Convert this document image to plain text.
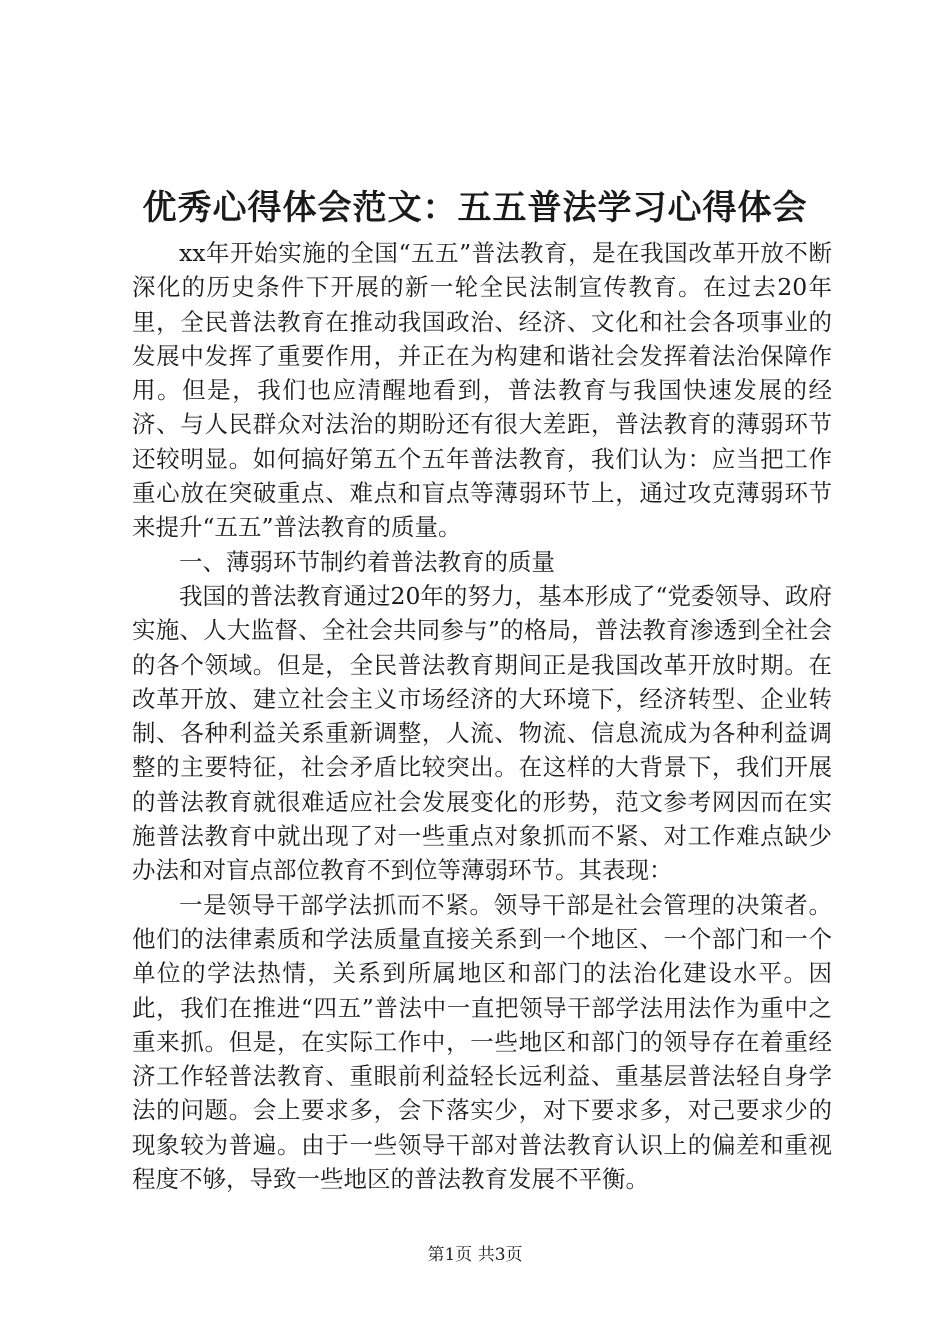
优秀心得体会范文：五五普法学习心得体会

xx年开始实施的全国“五五”普法教育，是在我国改革开放不断深化的历史条件下开展的新一轮全民法制宣传教育。在过去20年里，全民普法教育在推动我国政治、经济、文化和社会各项事业的发展中发挥了重要作用，并正在为构建和谐社会发挥着法治保障作用。但是，我们也应清醒地看到，普法教育与我国快速发展的经济、与人民群众对法治的期盼还有很大差距，普法教育的薄弱环节还较明显。如何搞好第五个五年普法教育，我们认为：应当把工作重心放在突破重点、难点和盲点等薄弱环节上，通过攻克薄弱环节来提升“五五”普法教育的质量。

一、薄弱环节制约着普法教育的质量

我国的普法教育通过20年的努力，基本形成了“党委领导、政府实施、人大监督、全社会共同参与”的格局，普法教育渗透到全社会的各个领域。但是，全民普法教育期间正是我国改革开放时期。在改革开放、建立社会主义市场经济的大环境下，经济转型、企业转制、各种利益关系重新调整，人流、物流、信息流成为各种利益调整的主要特征，社会矛盾比较突出。在这样的大背景下，我们开展的普法教育就很难适应社会发展变化的形势，范文参考网因而在实施普法教育中就出现了对一些重点对象抓而不紧、对工作难点缺少办法和对盲点部位教育不到位等薄弱环节。其表现：

一是领导干部学法抓而不紧。领导干部是社会管理的决策者。他们的法律素质和学法质量直接关系到一个地区、一个部门和一个单位的学法热情，关系到所属地区和部门的法治化建设水平。因此，我们在推进“四五”普法中一直把领导干部学法用法作为重中之重来抓。但是，在实际工作中，一些地区和部门的领导存在着重经济工作轻普法教育、重眼前利益轻长远利益、重基层普法轻自身学法的问题。会上要求多，会下落实少，对下要求多，对己要求少的现象较为普遍。由于一些领导干部对普法教育认识上的偏差和重视程度不够，导致一些地区的普法教育发展不平衡。

第1页 共3页
